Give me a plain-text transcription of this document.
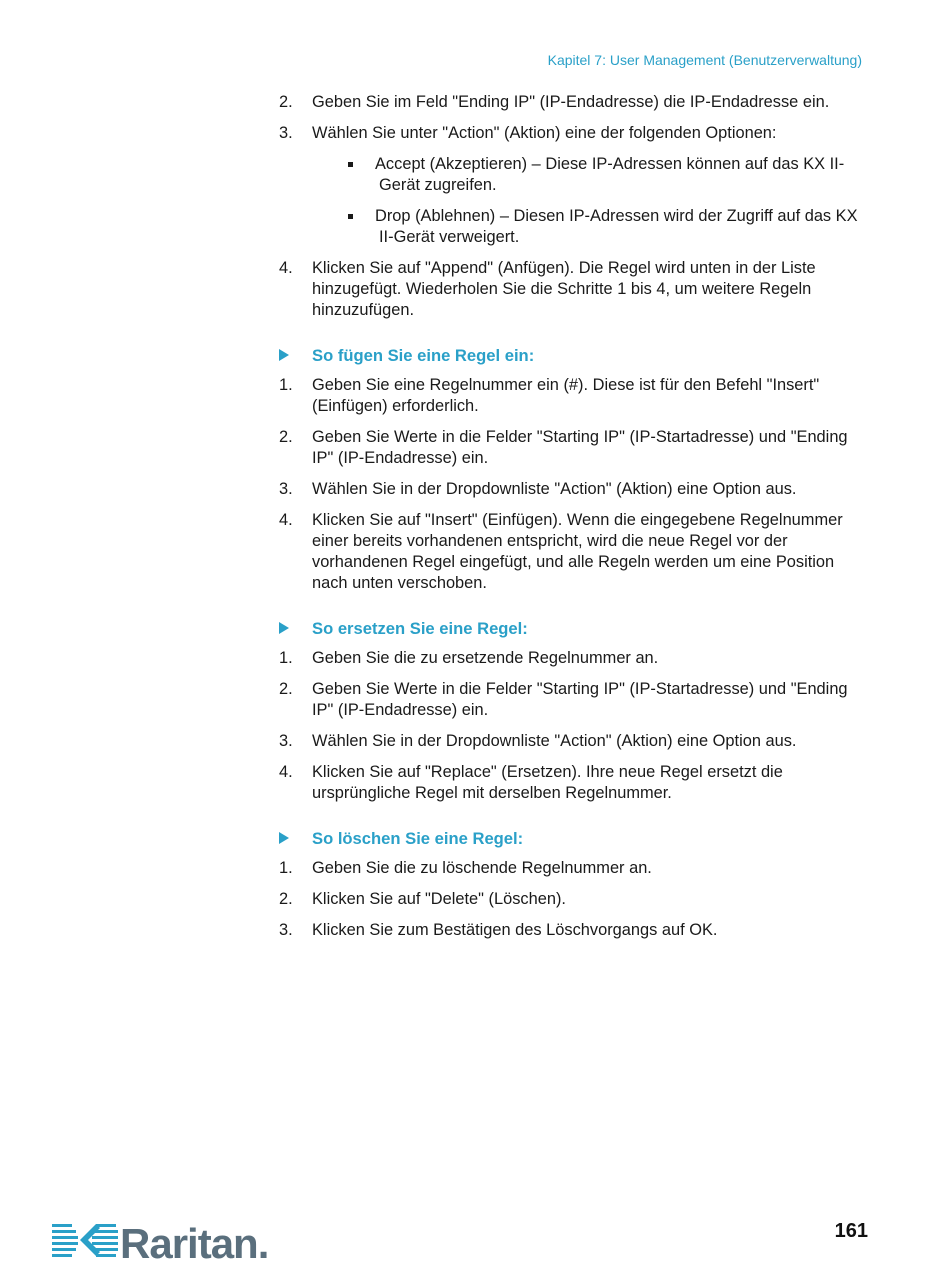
Kapitel 7: User Management (Benutzerverwaltung)
2. Geben Sie im Feld "Ending IP" (IP-Endadresse) die IP-Endadresse ein.
3. Wählen Sie unter "Action" (Aktion) eine der folgenden Optionen:
Accept (Akzeptieren) – Diese IP-Adressen können auf das KX II-Gerät zugreifen.
Drop (Ablehnen) – Diesen IP-Adressen wird der Zugriff auf das KX II-Gerät verweigert.
4. Klicken Sie auf "Append" (Anfügen). Die Regel wird unten in der Liste hinzugefügt. Wiederholen Sie die Schritte 1 bis 4, um weitere Regeln hinzuzufügen.
So fügen Sie eine Regel ein:
1. Geben Sie eine Regelnummer ein (#). Diese ist für den Befehl "Insert" (Einfügen) erforderlich.
2. Geben Sie Werte in die Felder "Starting IP" (IP-Startadresse) und "Ending IP" (IP-Endadresse) ein.
3. Wählen Sie in der Dropdownliste "Action" (Aktion) eine Option aus.
4. Klicken Sie auf "Insert" (Einfügen). Wenn die eingegebene Regelnummer einer bereits vorhandenen entspricht, wird die neue Regel vor der vorhandenen Regel eingefügt, und alle Regeln werden um eine Position nach unten verschoben.
So ersetzen Sie eine Regel:
1. Geben Sie die zu ersetzende Regelnummer an.
2. Geben Sie Werte in die Felder "Starting IP" (IP-Startadresse) und "Ending IP" (IP-Endadresse) ein.
3. Wählen Sie in der Dropdownliste "Action" (Aktion) eine Option aus.
4. Klicken Sie auf "Replace" (Ersetzen). Ihre neue Regel ersetzt die ursprüngliche Regel mit derselben Regelnummer.
So löschen Sie eine Regel:
1. Geben Sie die zu löschende Regelnummer an.
2. Klicken Sie auf "Delete" (Löschen).
3. Klicken Sie zum Bestätigen des Löschvorgangs auf OK.
Raritan.	161
